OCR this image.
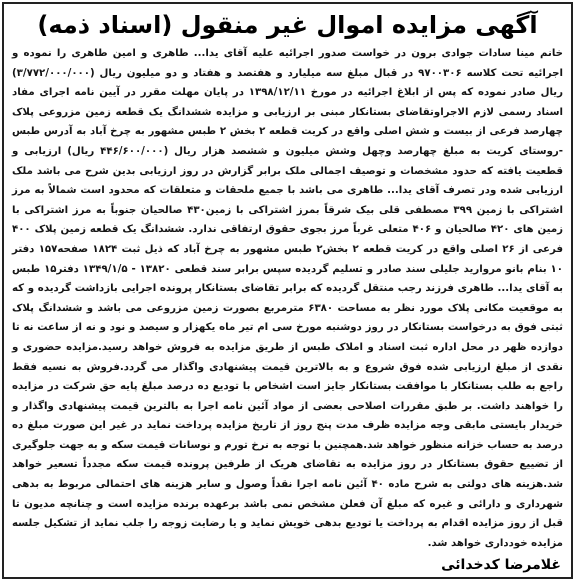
آگهی مزایده اموال غیر منقول (اسناد ذمه)

خانم مینا سادات جوادی برون در خواست صدور اجرائیه علیه آقای یدا... طاهری و امین طاهری را نموده و اجرائیه تحت کلاسه ۹۷۰۰۳۰۶ در قبال مبلغ سه میلیارد و هفتصد و هفتاد و دو میلیون ریال (۳/۷۷۲/۰۰۰/۰۰۰) ریال صادر نموده که پس از ابلاغ اجرائیه در مورخ ۱۳۹۸/۱۲/۱۱ در پایان مهلت مقرر در آیین نامه اجرای مفاد اسناد رسمی لازم الاجراوتقاضای بستانکار مبنی بر ارزیابی و مزایده ششدانگ یک قطعه زمین مزروعی پلاک چهارصد فرعی از بیست و شش اصلی واقع در کریت قطعه ۲ بخش ۲ طبس مشهور به چرخ آباد به آدرس طبس -روستای کریت به مبلغ چهارصد وچهل وشش میلیون و ششصد هزار ریال (۴۴۶/۶۰۰/۰۰۰ ریال) ارزیابی و قطعیت یافته که حدود مشخصات و توصیف اجمالی ملک برابر گزارش در روز ارزیابی بدین شرح می باشد ملک ارزیابی شده ودر تصرف آقای یدا... طاهری می باشد با جمیع ملحقات و متعلقات که محدود است شمالاً به مرز اشتراکی با زمین ۳۹۹ مصطفی قلی بیک شرقاً بمرز اشتراکی با زمین۴۳۰ صالحیان جنوباً به مرز اشتراکی با زمین های ۴۲۰ صالحیان و ۴۰۶ متعلی غرباً مرز بجوی حقوق ارتفاقی ندارد. ششدانگ یک قطعه زمین پلاک ۴۰۰ فرعی از ۲۶ اصلی واقع در کریت قطعه ۲ بخش۲ طبس مشهور به چرخ آباد که ذیل ثبت ۱۸۲۴ صفحه۱۵۷ دفتر ۱۰ بنام بانو مروارید جلیلی سند صادر و تسلیم گردیده سپس برابر سند قطعی ۱۳۸۲۰ - ۱۳۴۹/۱/۵ دفتر۱۵ طبس به آقای یدا... طاهری فرزند رجب منتقل گردیده که برابر تقاضای بستانکار پرونده اجرایی بازداشت گردیده و که به موقعیت مکانی پلاک مورد نظر به مساحت ۶۳۸۰ مترمربع بصورت زمین مزروعی می باشد و ششدانگ پلاک ثبتی فوق به درخواست بستانکار در روز دوشنبه مورخ سی ام تیر ماه یکهزار و سیصد و نود و نه از ساعت نه تا دوازده ظهر در محل اداره ثبت اسناد و املاک طبس از طریق مزایده به فروش خواهد رسید.مزایده حضوری و نقدی از مبلغ ارزیابی شده فوق شروع و به بالاترین قیمت پیشنهادی واگذار می گردد.فروش به نسیه فقط راجع به طلب بستانکار با موافقت بستانکار جایز است اشخاص با تودیع ده درصد مبلغ پایه حق شرکت در مزایده را خواهند داشت. بر طبق مقررات اصلاحی بعضی از مواد آئین نامه اجرا به بالترین قیمت پیشنهادی واگذار و خریدار بایستی مابقی وجه مزایده ظرف مدت پنج روز از تاریخ مزایده پرداخت نماید در غیر این صورت مبلغ ده درصد به حساب خزانه منظور خواهد شد.همچنین با توجه به نرخ تورم و نوسانات قیمت سکه و به جهت جلوگیری از تضییع حقوق بستانکار در روز مزایده به تقاضای هریک از طرفین پرونده قیمت سکه مجدداً تسعیر خواهد شد.هزینه های دولتی به شرح ماده ۴۰ آئین نامه اجرا نقداً وصول و سایر هزینه های احتمالی مربوط به بدهی شهرداری و دارائی و غیره که مبلغ آن فعلن مشخص نمی باشد برعهده برنده مزایده است و چنانچه مدیون تا قبل از روز مزایده اقدام به پرداخت یا تودیع بدهی خویش نماید و یا رضایت زوجه را جلب نماید از تشکیل جلسه مزایده خودداری خواهد شد.

غلامرضا کدخدائی
